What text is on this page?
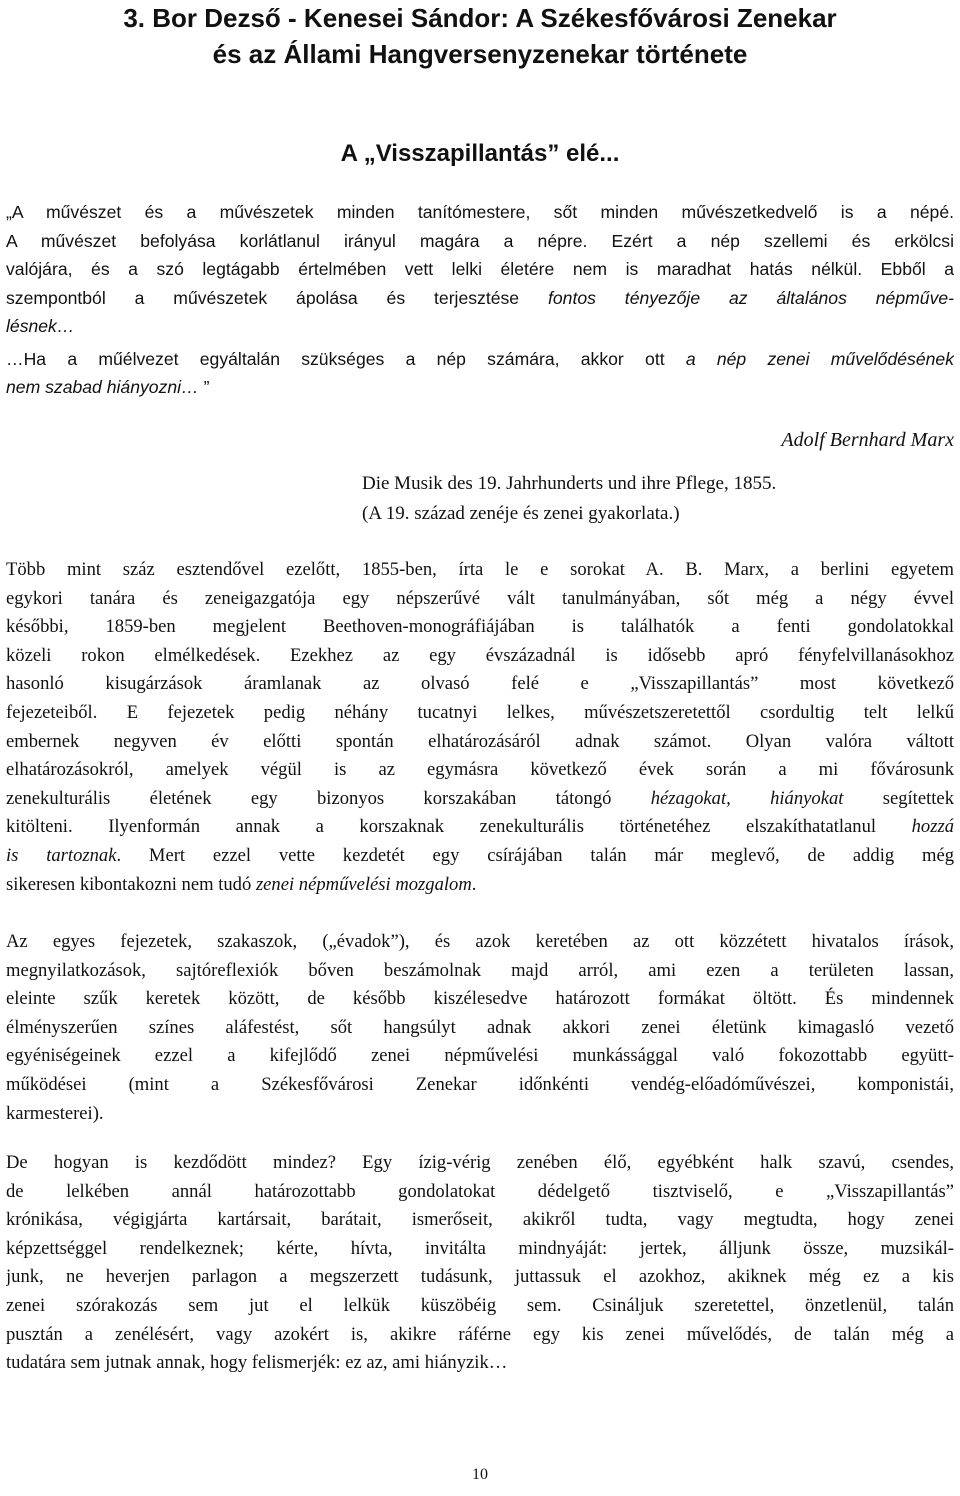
3. Bor Dezső - Kenesei Sándor: A Székesfővárosi Zenekar
és az Állami Hangversenyzenekar története
A „Visszapillantás” elé...
„A művészet és a művészetek minden tanítómestere, sőt minden művészetkedvelő is a népé.
A művészet befolyása korlátlanul irányul magára a népre. Ezért a nép szellemi és erkölcsi
valójára, és a szó legtágabb értelmében vett lelki életére nem is maradhat hatás nélkül. Ebből a
szempontból a művészetek ápolása és terjesztése fontos tényezője az általános népműve-
lésnek…
…Ha a műélvezet egyáltalán szükséges a nép számára, akkor ott a nép zenei művelődésének
nem szabad hiányozni… ”

Adolf Bernhard Marx

Die Musik des 19. Jahrhunderts und ihre Pflege, 1855.

(A 19. század zenéje és zenei gyakorlata.)

Több mint száz esztendővel ezelőtt, 1855-ben, írta le e sorokat A. B. Marx, a berlini egyetem
egykori tanára és zeneigazgatója egy népszerűvé vált tanulmányában, sőt még a négy évvel
későbbi, 1859-ben megjelent Beethoven-monográfiájában is találhatók a fenti gondolatokkal
közeli rokon elmélkedések. Ezekhez az egy évszázadnál is idősebb apró fényfelvillanásokhoz
hasonló kisugárzások áramlanak az olvasó felé e „Visszapillantás” most következő
fejezeteiből. E fejezetek pedig néhány tucatnyi lelkes, művészetszeretettől csordultig telt lelkű
embernek negyven év előtti spontán elhatározásáról adnak számot. Olyan valóra váltott
elhatározásokról, amelyek végül is az egymásra következő évek során a mi fővárosunk
zenekulturális életének egy bizonyos korszakában tátongó hézagokat, hiányokat segítettek
kitölteni. Ilyenformán annak a korszaknak zenekulturális történetéhez elszakíthatatlanul hozzá
is tartoznak. Mert ezzel vette kezdetét egy csírájában talán már meglevő, de addig még
sikeresen kibontakozni nem tudó zenei népművelési mozgalom.
Az egyes fejezetek, szakaszok, („évadok”), és azok keretében az ott közzétett hivatalos írások,
megnyilatkozások, sajtóreflexiók bőven beszámolnak majd arról, ami ezen a területen lassan,
eleinte szűk keretek között, de később kiszélesedve határozott formákat öltött. És mindennek
élményszerűen színes aláfestést, sőt hangsúlyt adnak akkori zenei életünk kimagasló vezető
egyéniségeinek ezzel a kifejlődő zenei népművelési munkássággal való fokozottabb együtt-
működései (mint a Székesfővárosi Zenekar időnkénti vendég-előadóművészei, komponistái,
karmesterei).
De hogyan is kezdődött mindez? Egy ízig-vérig zenében élő, egyébként halk szavú, csendes,
de lelkében annál határozottabb gondolatokat dédelgető tisztviselő, e „Visszapillantás”
krónikása, végigjárta kartársait, barátait, ismerőseit, akikről tudta, vagy megtudta, hogy zenei
képzettséggel rendelkeznek; kérte, hívta, invitálta mindnyáját: jertek, álljunk össze, muzsikál-
junk, ne heverjen parlagon a megszerzett tudásunk, juttassuk el azokhoz, akiknek még ez a kis
zenei szórakozás sem jut el lelkük küszöbéig sem. Csináljuk szeretettel, önzetlenül, talán
pusztán a zenélésért, vagy azokért is, akikre ráférne egy kis zenei művelődés, de talán még a
tudatára sem jutnak annak, hogy felismerjék: ez az, ami hiányzik…

10
